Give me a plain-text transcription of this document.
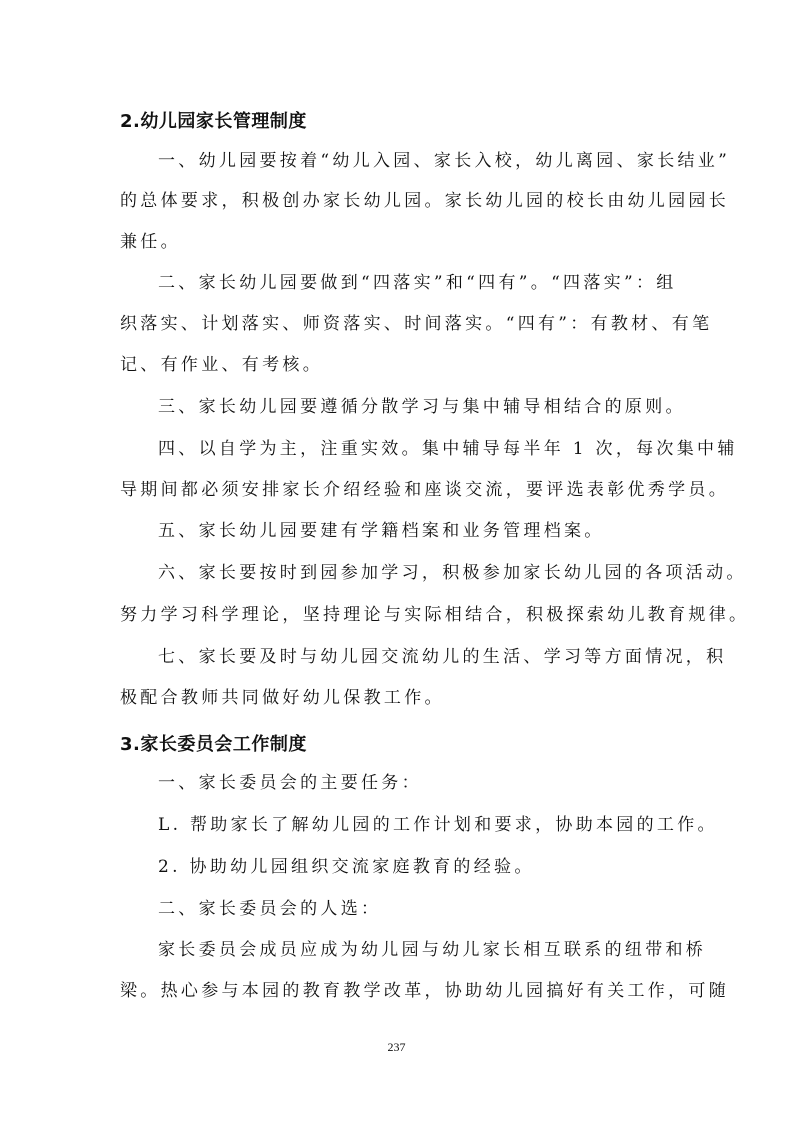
2.幼儿园家长管理制度
一、幼儿园要按着“幼儿入园、家长入校，幼儿离园、家长结业”
的总体要求，积极创办家长幼儿园。家长幼儿园的校长由幼儿园园长
兼任。
二、家长幼儿园要做到“四落实”和“四有”。“四落实”：组
织落实、计划落实、师资落实、时间落实。“四有”：有教材、有笔
记、有作业、有考核。
三、家长幼儿园要遵循分散学习与集中辅导相结合的原则。
四、以自学为主，注重实效。集中辅导每半年 1 次，每次集中辅
导期间都必须安排家长介绍经验和座谈交流，要评选表彰优秀学员。
五、家长幼儿园要建有学籍档案和业务管理档案。
六、家长要按时到园参加学习，积极参加家长幼儿园的各项活动。
努力学习科学理论，坚持理论与实际相结合，积极探索幼儿教育规律。
七、家长要及时与幼儿园交流幼儿的生活、学习等方面情况，积
极配合教师共同做好幼儿保教工作。
3.家长委员会工作制度
一、家长委员会的主要任务：
L. 帮助家长了解幼儿园的工作计划和要求，协助本园的工作。
2. 协助幼儿园组织交流家庭教育的经验。
二、家长委员会的人选：
家长委员会成员应成为幼儿园与幼儿家长相互联系的纽带和桥
梁。热心参与本园的教育教学改革，协助幼儿园搞好有关工作，可随
237
